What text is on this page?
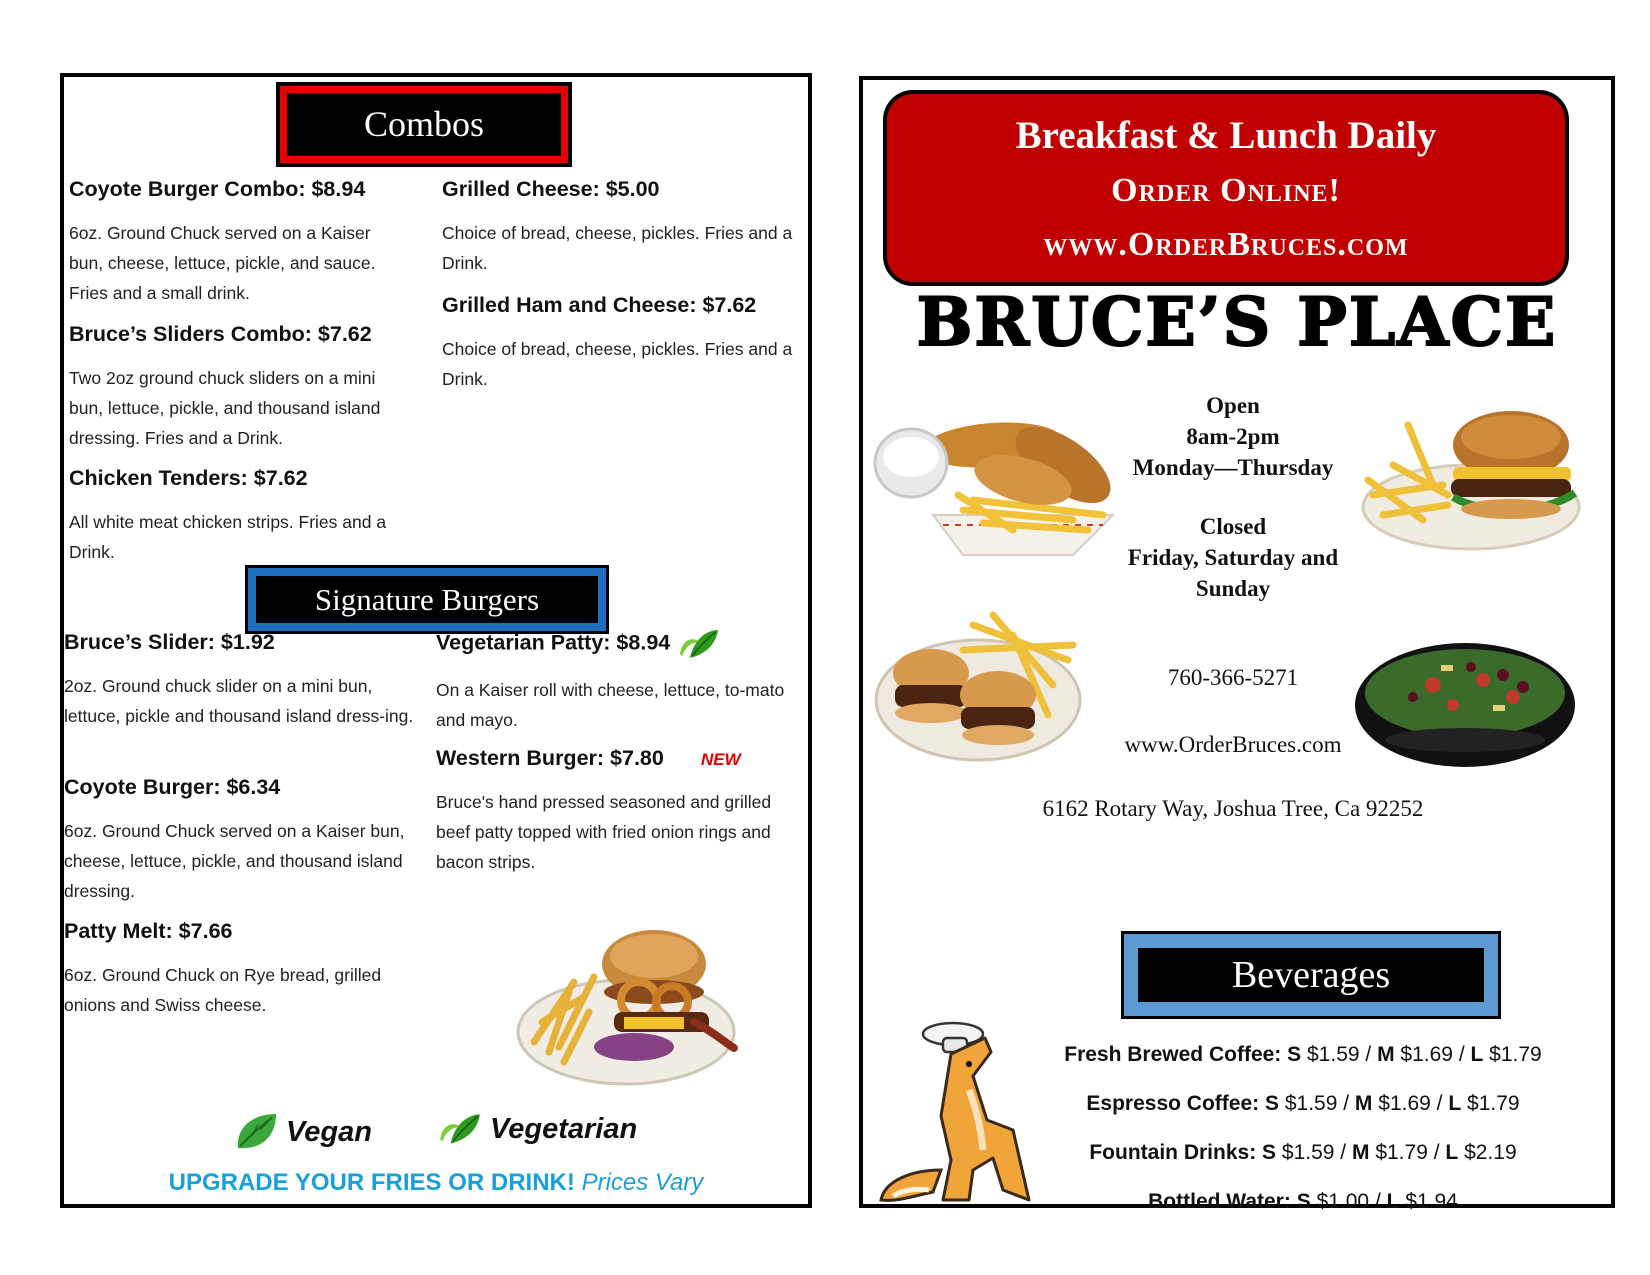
Combos
Coyote Burger Combo: $8.94
6oz. Ground Chuck served on a Kaiser bun, cheese, lettuce, pickle, and sauce. Fries and a small drink.
Bruce’s Sliders Combo: $7.62
Two 2oz ground chuck sliders on a mini bun, lettuce, pickle, and thousand island dressing. Fries and a Drink.
Chicken Tenders: $7.62
All white meat chicken strips. Fries and a Drink.
Grilled Cheese: $5.00
Choice of bread, cheese, pickles. Fries and a Drink.
Grilled Ham and Cheese: $7.62
Choice of bread, cheese, pickles. Fries and a Drink.
Signature Burgers
Bruce’s Slider: $1.92
2oz. Ground chuck slider on a mini bun, lettuce, pickle and thousand island dress-ing.
Coyote Burger: $6.34
6oz. Ground Chuck served on a Kaiser bun, cheese, lettuce, pickle, and thousand island dressing.
Patty Melt: $7.66
6oz. Ground Chuck on Rye bread, grilled onions and Swiss cheese.
Vegetarian Patty: $8.94
On a Kaiser roll with cheese, lettuce, to-mato and mayo.
Western Burger: $7.80
Bruce's hand pressed seasoned and grilled beef patty topped with fried onion rings and bacon strips.
NEW
Vegan	Vegetarian
UPGRADE YOUR FRIES OR DRINK! Prices Vary
Breakfast & Lunch Daily
Order Online!
www.OrderBruces.com
BRUCE’S PLACE
Open
8am-2pm
Monday—Thursday
Closed
Friday, Saturday and
Sunday
760-366-5271
www.OrderBruces.com
6162 Rotary Way, Joshua Tree, Ca 92252
Beverages
Fresh Brewed Coffee: S $1.59 / M $1.69 / L $1.79
Espresso Coffee: S $1.59 / M $1.69 / L $1.79
Fountain Drinks: S $1.59 / M $1.79 / L $2.19
Bottled Water: S $1.00 / L $1.94
